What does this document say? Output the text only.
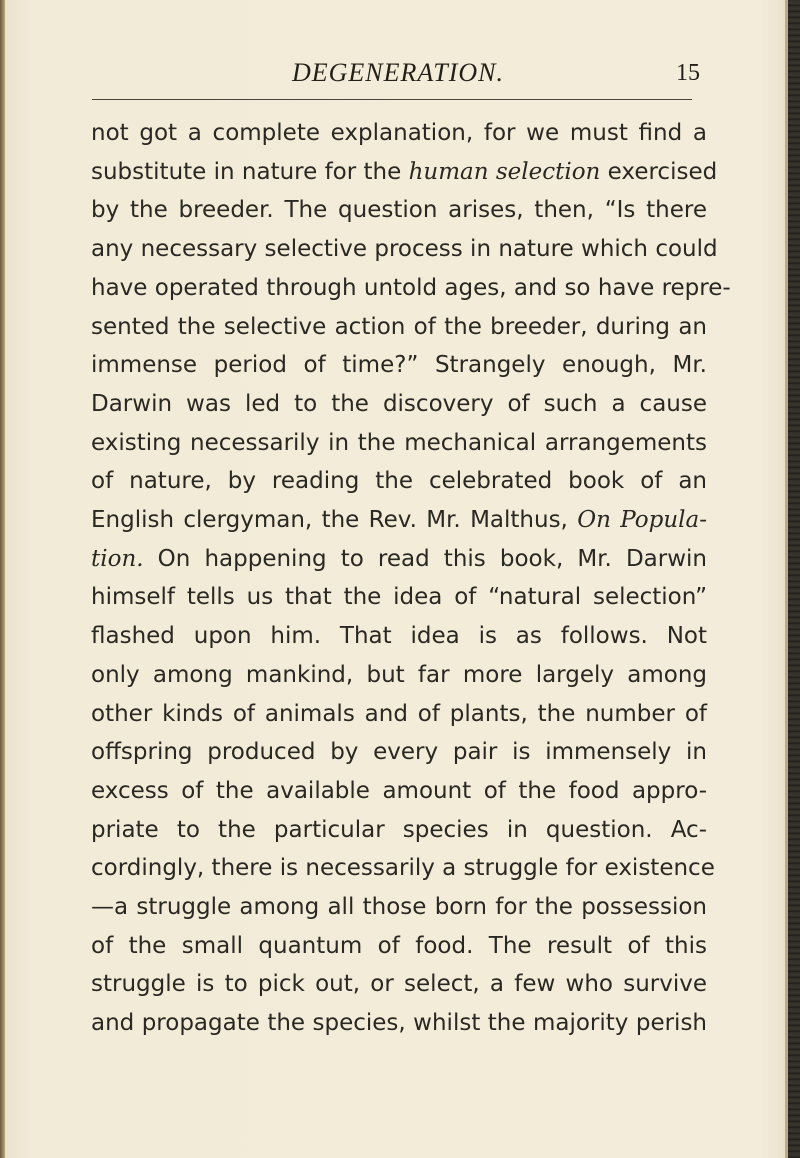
DEGENERATION.	15
not got a complete explanation, for we must find a
substitute in nature for the human selection exercised
by the breeder. The question arises, then, “Is there
any necessary selective process in nature which could
have operated through untold ages, and so have repre-
sented the selective action of the breeder, during an
immense period of time?” Strangely enough, Mr.
Darwin was led to the discovery of such a cause
existing necessarily in the mechanical arrangements
of nature, by reading the celebrated book of an
English clergyman, the Rev. Mr. Malthus, On Popula-
tion. On happening to read this book, Mr. Darwin
himself tells us that the idea of “natural selection”
flashed upon him. That idea is as follows. Not
only among mankind, but far more largely among
other kinds of animals and of plants, the number of
offspring produced by every pair is immensely in
excess of the available amount of the food appro-
priate to the particular species in question. Ac-
cordingly, there is necessarily a struggle for existence
—a struggle among all those born for the possession
of the small quantum of food. The result of this
struggle is to pick out, or select, a few who survive
and propagate the species, whilst the majority perish
